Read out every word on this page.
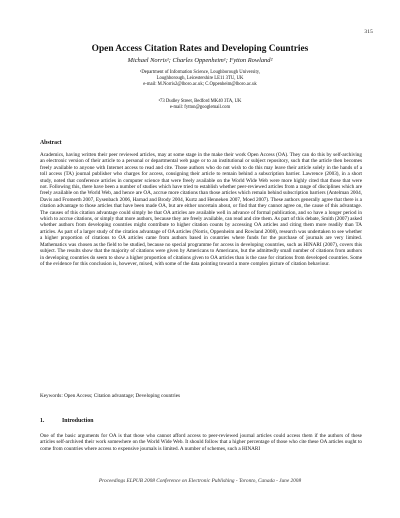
315
Open Access Citation Rates and Developing Countries
Michael Norris¹; Charles Oppenheim¹; Fytton Rowland²
¹Department of Information Science, Loughborough University,
Loughborough, Leicestershire LE11 3TU, UK
e-mail: M.Norris2@lboro.ac.uk; C.Oppenheim@lboro.ac.uk
²73 Dudley Street, Bedford MK40 3TA, UK
e-mail: fytton@googlemail.com
Abstract
Academics, having written their peer reviewed articles, may at some stage in the make their work Open Access (OA). They can do this by self-archiving an electronic version of their article to a personal or departmental web page or to an institutional or subject repository, such that the article then becomes freely available to anyone with Internet access to read and cite. Those authors who do not wish to do this may leave their article solely in the hands of a toll access (TA) journal publisher who charges for access, consigning their article to remain behind a subscription barrier. Lawrence (2003), in a short study, noted that conference articles in computer science that were freely available on the World Wide Web were more highly cited that those that were not. Following this, there have been a number of studies which have tried to establish whether peer-reviewed articles from a range of disciplines which are freely available on the World Web, and hence are OA, accrue more citations than those articles which remain behind subscription barriers (Antelman 2004, Davis and Fromerth 2007, Eysenbach 2006, Harnad and Brody 2004, Kurtz and Henneken 2007, Moed 2007). These authors generally agree that there is a citation advantage to those articles that have been made OA, but are either uncertain about, or find that they cannot agree on, the cause of this advantage. The causes of this citation advantage could simply be that OA articles are available well in advance of formal publication, and so have a longer period in which to accrue citations, or simply that more authors, because they are freely available, can read and cite them. As part of this debate, Smith (2007) asked whether authors from developing countries might contribute to higher citation counts by accessing OA articles and citing them more readily than TA articles. As part of a larger study of the citation advantage of OA articles (Norris, Oppenheim and Rowland 2008), research was undertaken to see whether a higher proportion of citations to OA articles came from authors based in countries where funds for the purchase of journals are very limited. Mathematics was chosen as the field to be studied, because no special programme for access in developing countries, such as HINARI (2007), covers this subject. The results show that the majority of citations were given by Americans to Americans, but the admittedly small number of citations from authors in developing countries do seem to show a higher proportion of citations given to OA articles than is the case for citations from developed countries. Some of the evidence for this conclusion is, however, mixed, with some of the data pointing toward a more complex picture of citation behaviour.
Keywords: Open Access; Citation advantage; Developing countries
1.	Introduction
One of the basic arguments for OA is that those who cannot afford access to peer-reviewed journal articles could access them if the authors of these articles self-archived their work somewhere on the World Wide Web. It should follow that a higher percentage of those who cite these OA articles ought to come from countries where access to expensive journals is limited. A number of schemes, such a HINARI
Proceedings ELPUB 2008 Conference on Electronic Publishing - Toronto, Canada - June 2008
